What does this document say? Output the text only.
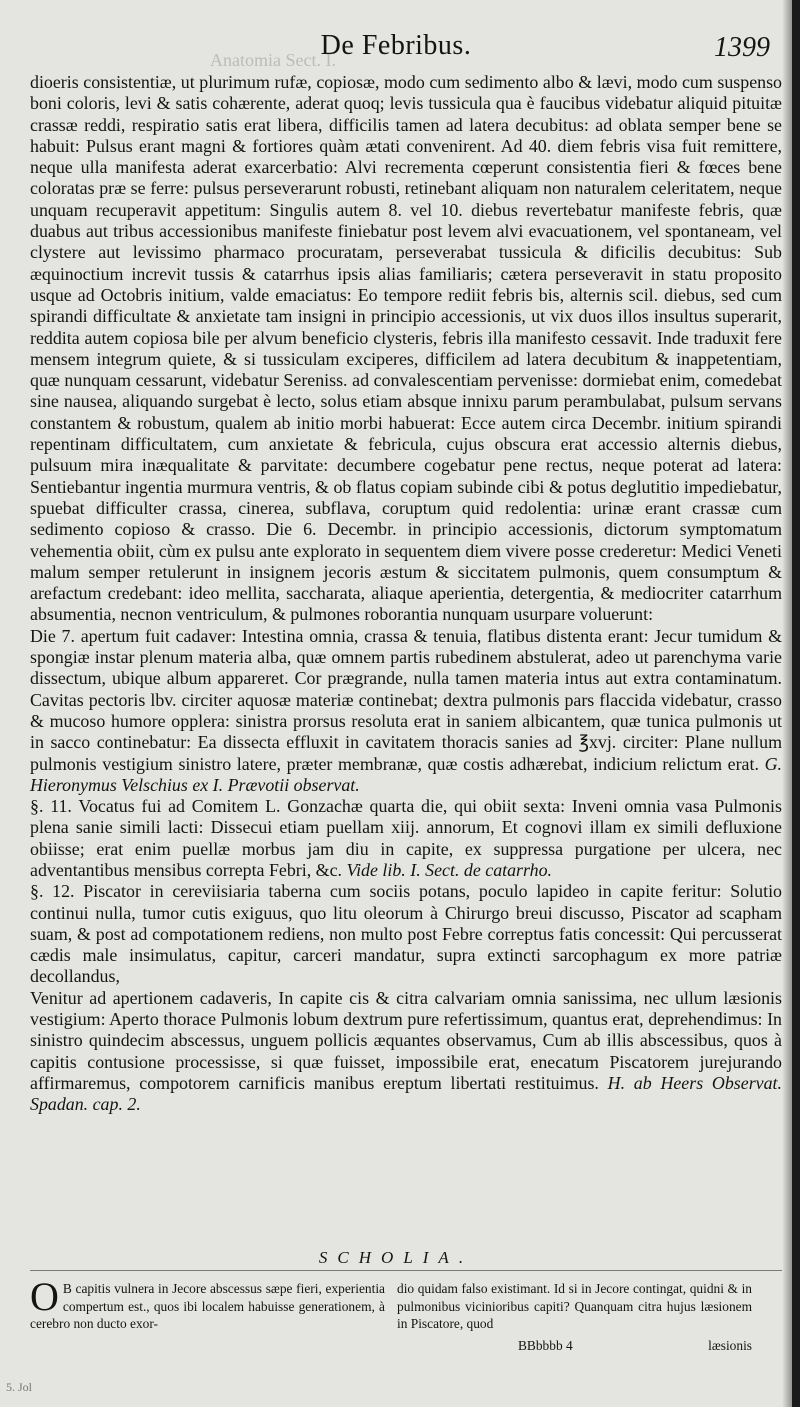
Anatomia Sect. I.
De Febribus.	1399

dioeris consistentiæ, ut plurimum rufæ, copiosæ, modo cum sedimento albo & lævi, modo cum suspenso boni coloris, levi & satis cohærente, aderat quoq; levis tussicula qua è faucibus videbatur aliquid pituitæ crassæ reddi, respiratio satis erat libera, difficilis tamen ad latera decubitus: ad oblata semper bene se habuit: Pulsus erant magni & fortiores quàm ætati convenirent. Ad 40. diem febris visa fuit remittere, neque ulla manifesta aderat exarcerbatio: Alvi recrementa cœperunt consistentia fieri & fœces bene coloratas præ se ferre: pulsus perseverarunt robusti, retinebant aliquam non naturalem celeritatem, neque unquam recuperavit appetitum: Singulis autem 8. vel 10. diebus revertebatur manifeste febris, quæ duabus aut tribus accessionibus manifeste finiebatur post levem alvi evacuationem, vel spontaneam, vel clystere aut levissimo pharmaco procuratam, perseverabat tussicula & dificilis decubitus: Sub æquinoctium increvit tussis & catarrhus ipsis alias familiaris; cætera perseveravit in statu proposito usque ad Octobris initium, valde emaciatus: Eo tempore rediit febris bis, alternis scil. diebus, sed cum spirandi difficultate & anxietate tam insigni in principio accessionis, ut vix duos illos insultus superarit, reddita autem copiosa bile per alvum beneficio clysteris, febris illa manifesto cessavit. Inde traduxit fere mensem integrum quiete, & si tussiculam exciperes, difficilem ad latera decubitum & inappetentiam, quæ nunquam cessarunt, videbatur Sereniss. ad convalescentiam pervenisse: dormiebat enim, comedebat sine nausea, aliquando surgebat è lecto, solus etiam absque innixu parum perambulabat, pulsum servans constantem & robustum, qualem ab initio morbi habuerat: Ecce autem circa Decembr. initium spirandi repentinam difficultatem, cum anxietate & febricula, cujus obscura erat accessio alternis diebus, pulsuum mira inæqualitate & parvitate: decumbere cogebatur pene rectus, neque poterat ad latera: Sentiebantur ingentia murmura ventris, & ob flatus copiam subinde cibi & potus deglutitio impediebatur, spuebat difficulter crassa, cinerea, subflava, coruptum quid redolentia: urinæ erant crassæ cum sedimento copioso & crasso. Die 6. Decembr. in principio accessionis, dictorum symptomatum vehementia obiit, cùm ex pulsu ante explorato in sequentem diem vivere posse crederetur: Medici Veneti malum semper retulerunt in insignem jecoris æstum & siccitatem pulmonis, quem consumptum & arefactum credebant: ideo mellita, saccharata, aliaque aperientia, detergentia, & mediocriter catarrhum absumentia, necnon ventriculum, & pulmones roborantia nunquam usurpare voluerunt:

Die 7. apertum fuit cadaver: Intestina omnia, crassa & tenuia, flatibus distenta erant: Jecur tumidum & spongiæ instar plenum materia alba, quæ omnem partis rubedinem abstulerat, adeo ut parenchyma varie dissectum, ubique album appareret. Cor prægrande, nulla tamen materia intus aut extra contaminatum. Cavitas pectoris lbv. circiter aquosæ materiæ continebat; dextra pulmonis pars flaccida videbatur, crasso & mucoso humore opplera: sinistra prorsus resoluta erat in saniem albicantem, quæ tunica pulmonis ut in sacco continebatur: Ea dissecta effluxit in cavitatem thoracis sanies ad ℥xvj. circiter: Plane nullum pulmonis vestigium sinistro latere, præter membranæ, quæ costis adhærebat, indicium relictum erat. G. Hieronymus Velschius ex I. Prævotii observat.

§. 11. Vocatus fui ad Comitem L. Gonzachæ quarta die, qui obiit sexta: Inveni omnia vasa Pulmonis plena sanie simili lacti: Dissecui etiam puellam xiij. annorum, Et cognovi illam ex simili defluxione obiisse; erat enim puellæ morbus jam diu in capite, ex suppressa purgatione per ulcera, nec adventantibus mensibus correpta Febri, &c. Vide lib. I. Sect. de catarrho.

§. 12. Piscator in cereviisiaria taberna cum sociis potans, poculo lapideo in capite feritur: Solutio continui nulla, tumor cutis exiguus, quo litu oleorum à Chirurgo breui discusso, Piscator ad scapham suam, & post ad compotationem rediens, non multo post Febre correptus fatis concessit: Qui percusserat cædis male insimulatus, capitur, carceri mandatur, supra extincti sarcophagum ex more patriæ decollandus,

Venitur ad apertionem cadaveris, In capite cis & citra calvariam omnia sanissima, nec ullum læsionis vestigium: Aperto thorace Pulmonis lobum dextrum pure refertissimum, quantus erat, deprehendimus: In sinistro quindecim abscessus, unguem pollicis æquantes observamus, Cum ab illis abscessibus, quos à capitis contusione processisse, si quæ fuisset, impossibile erat, enecatum Piscatorem jurejurando affirmaremus, compotorem carnificis manibus ereptum libertati restituimus. H. ab Heers Observat. Spadan. cap. 2.

SCHOLIA.
O B capitis vulnera in Jecore abscessus sæpe fieri, experientia compertum est., quos ibi localem habuisse generationem, à cerebro non ducto exor-
dio quidam falso existimant. Id si in Jecore contingat, quidni & in pulmonibus vicinioribus capiti? Quanquam citra hujus læsionem in Piscatore, quod
BBbbbb 4	læsionis
5. Jol
